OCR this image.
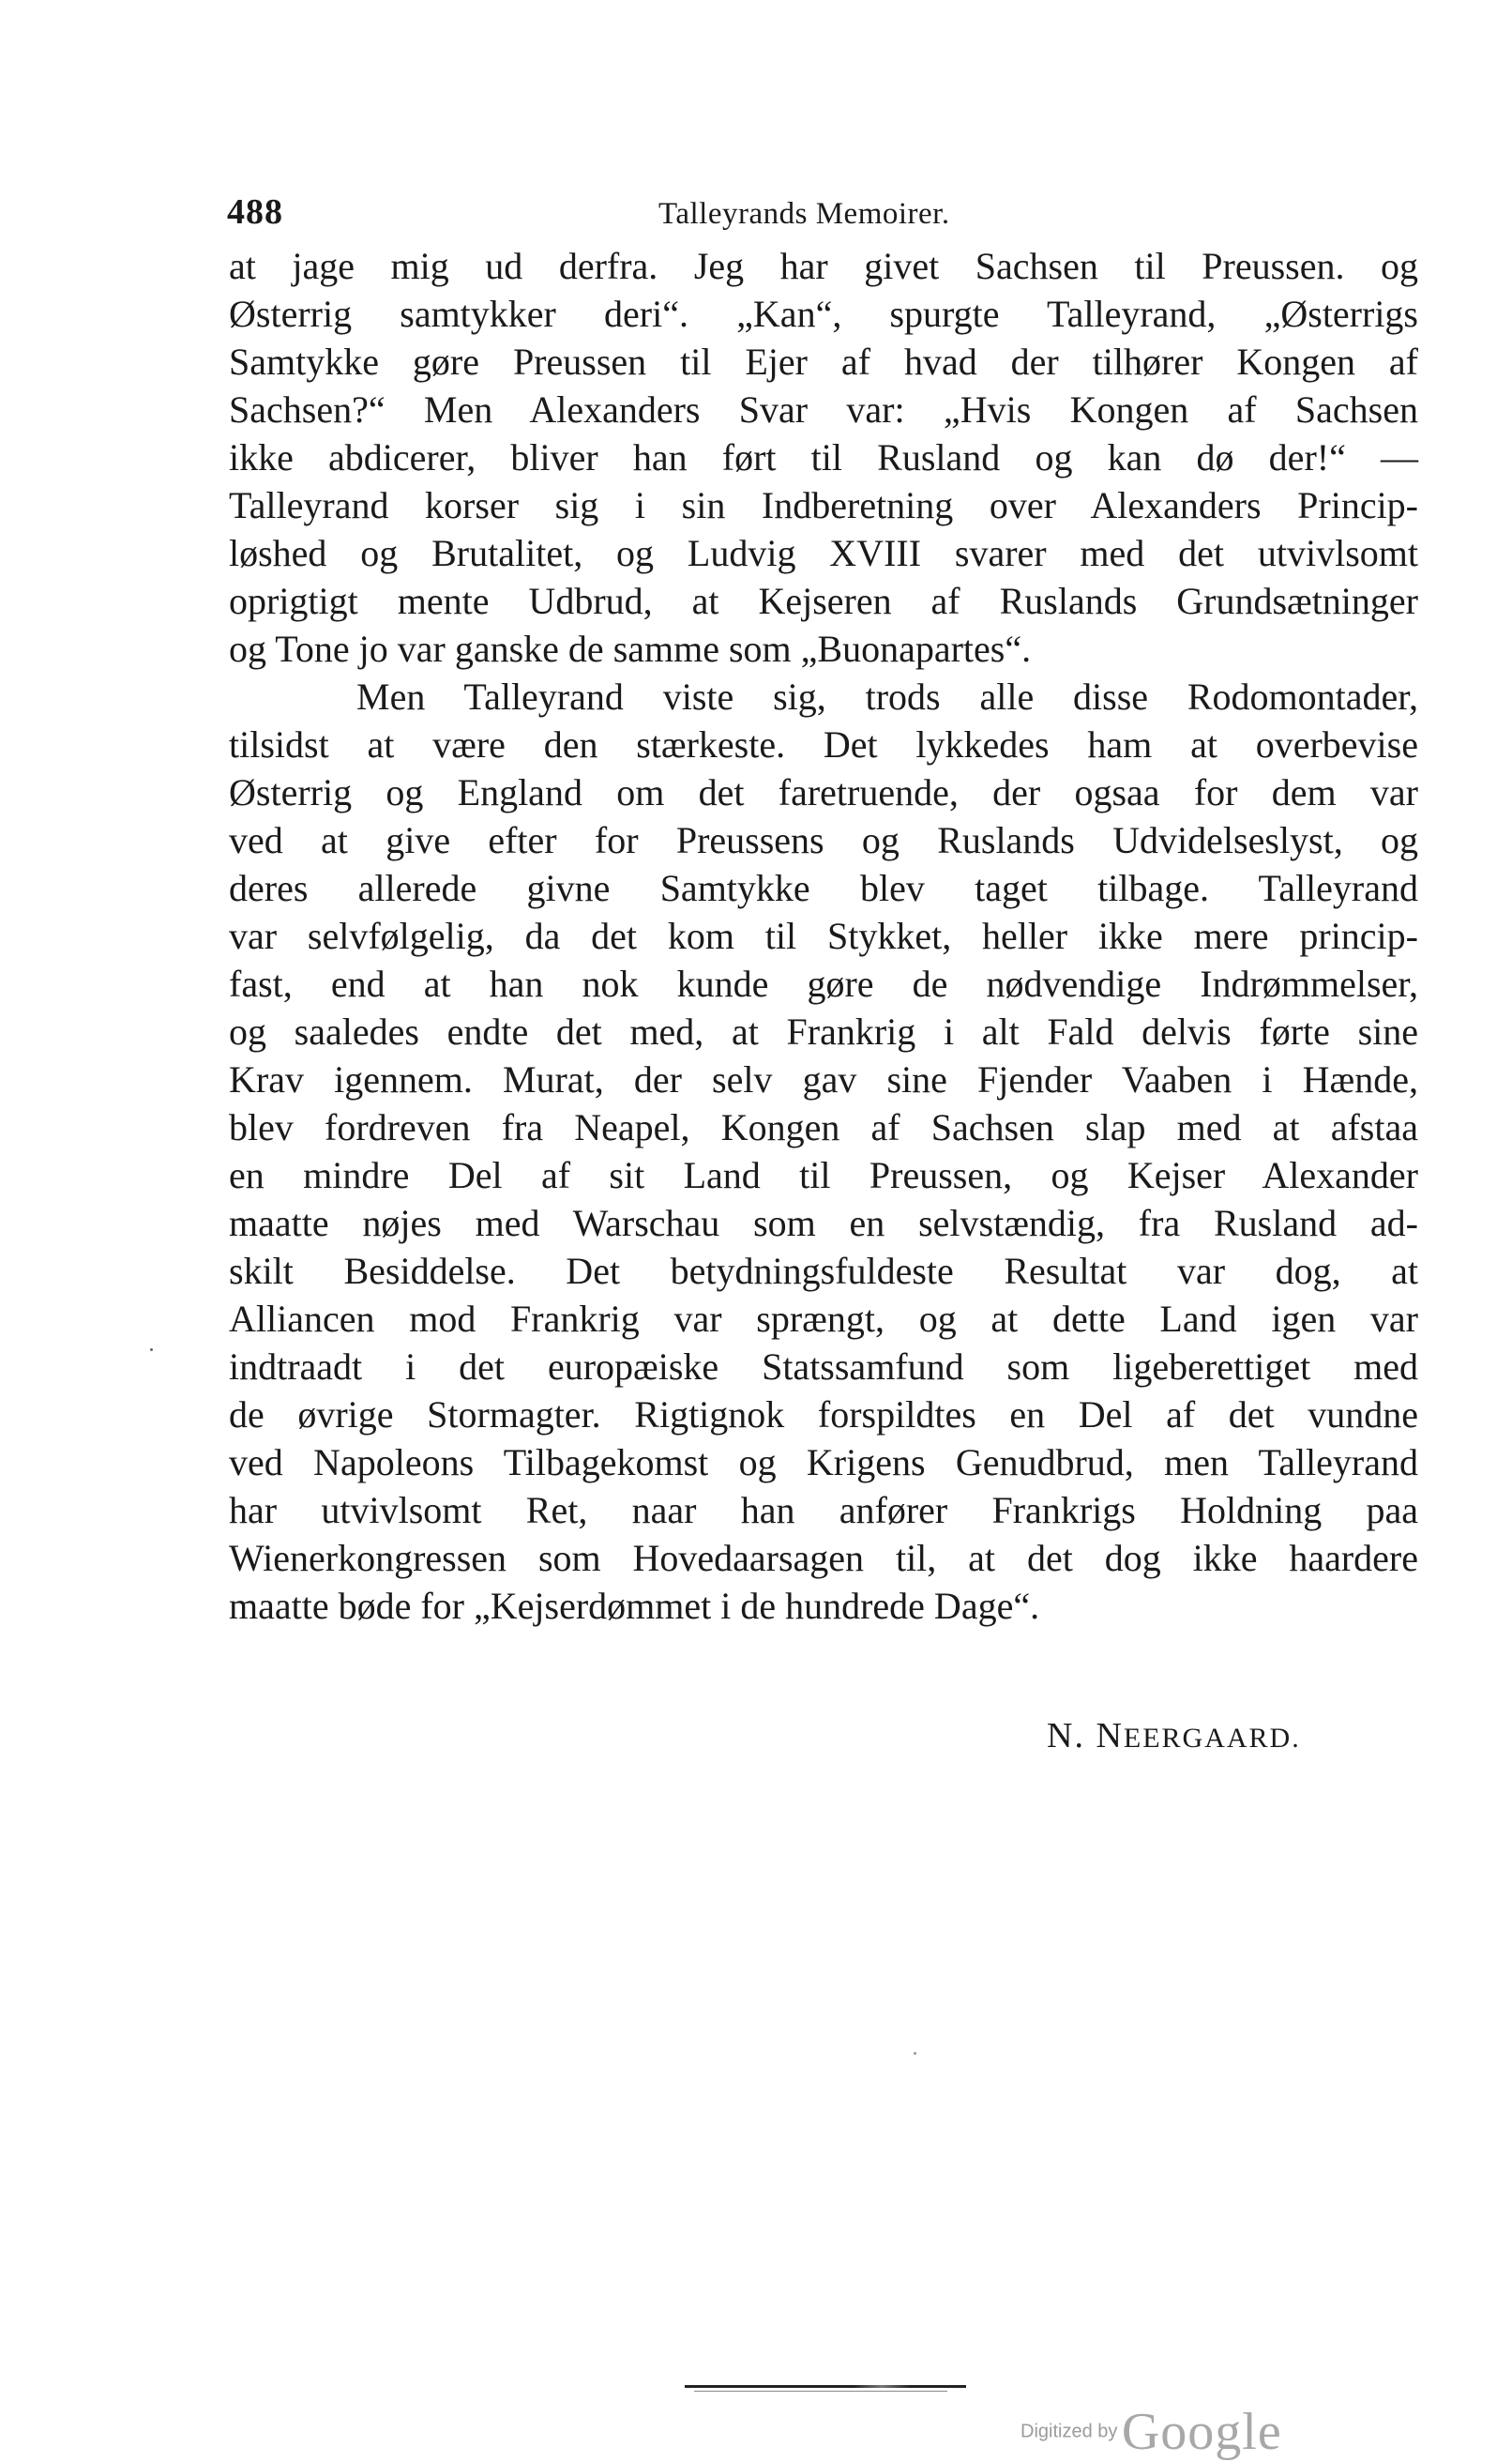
488	Talleyrands Memoirer.
at jage mig ud derfra. Jeg har givet Sachsen til Preussen. og
Østerrig samtykker deri“. „Kan“, spurgte Talleyrand, „Østerrigs
Samtykke gøre Preussen til Ejer af hvad der tilhører Kongen af
Sachsen?“ Men Alexanders Svar var: „Hvis Kongen af Sachsen
ikke abdicerer, bliver han ført til Rusland og kan dø der!“ —
Talleyrand korser sig i sin Indberetning over Alexanders Princip-
løshed og Brutalitet, og Ludvig XVIII svarer med det utvivlsomt
oprigtigt mente Udbrud, at Kejseren af Ruslands Grundsætninger
og Tone jo var ganske de samme som „Buonapartes“.
Men Talleyrand viste sig, trods alle disse Rodomontader,
tilsidst at være den stærkeste. Det lykkedes ham at overbevise
Østerrig og England om det faretruende, der ogsaa for dem var
ved at give efter for Preussens og Ruslands Udvidelseslyst, og
deres allerede givne Samtykke blev taget tilbage. Talleyrand
var selvfølgelig, da det kom til Stykket, heller ikke mere princip-
fast, end at han nok kunde gøre de nødvendige Indrømmelser,
og saaledes endte det med, at Frankrig i alt Fald delvis førte sine
Krav igennem. Murat, der selv gav sine Fjender Vaaben i Hænde,
blev fordreven fra Neapel, Kongen af Sachsen slap med at afstaa
en mindre Del af sit Land til Preussen, og Kejser Alexander
maatte nøjes med Warschau som en selvstændig, fra Rusland ad-
skilt Besiddelse. Det betydningsfuldeste Resultat var dog, at
Alliancen mod Frankrig var sprængt, og at dette Land igen var
indtraadt i det europæiske Statssamfund som ligeberettiget med
de øvrige Stormagter. Rigtignok forspildtes en Del af det vundne
ved Napoleons Tilbagekomst og Krigens Genudbrud, men Talleyrand
har utvivlsomt Ret, naar han anfører Frankrigs Holdning paa
Wienerkongressen som Hovedaarsagen til, at det dog ikke haardere
maatte bøde for „Kejserdømmet i de hundrede Dage“.
N. NEERGAARD.
Digitized by Google
